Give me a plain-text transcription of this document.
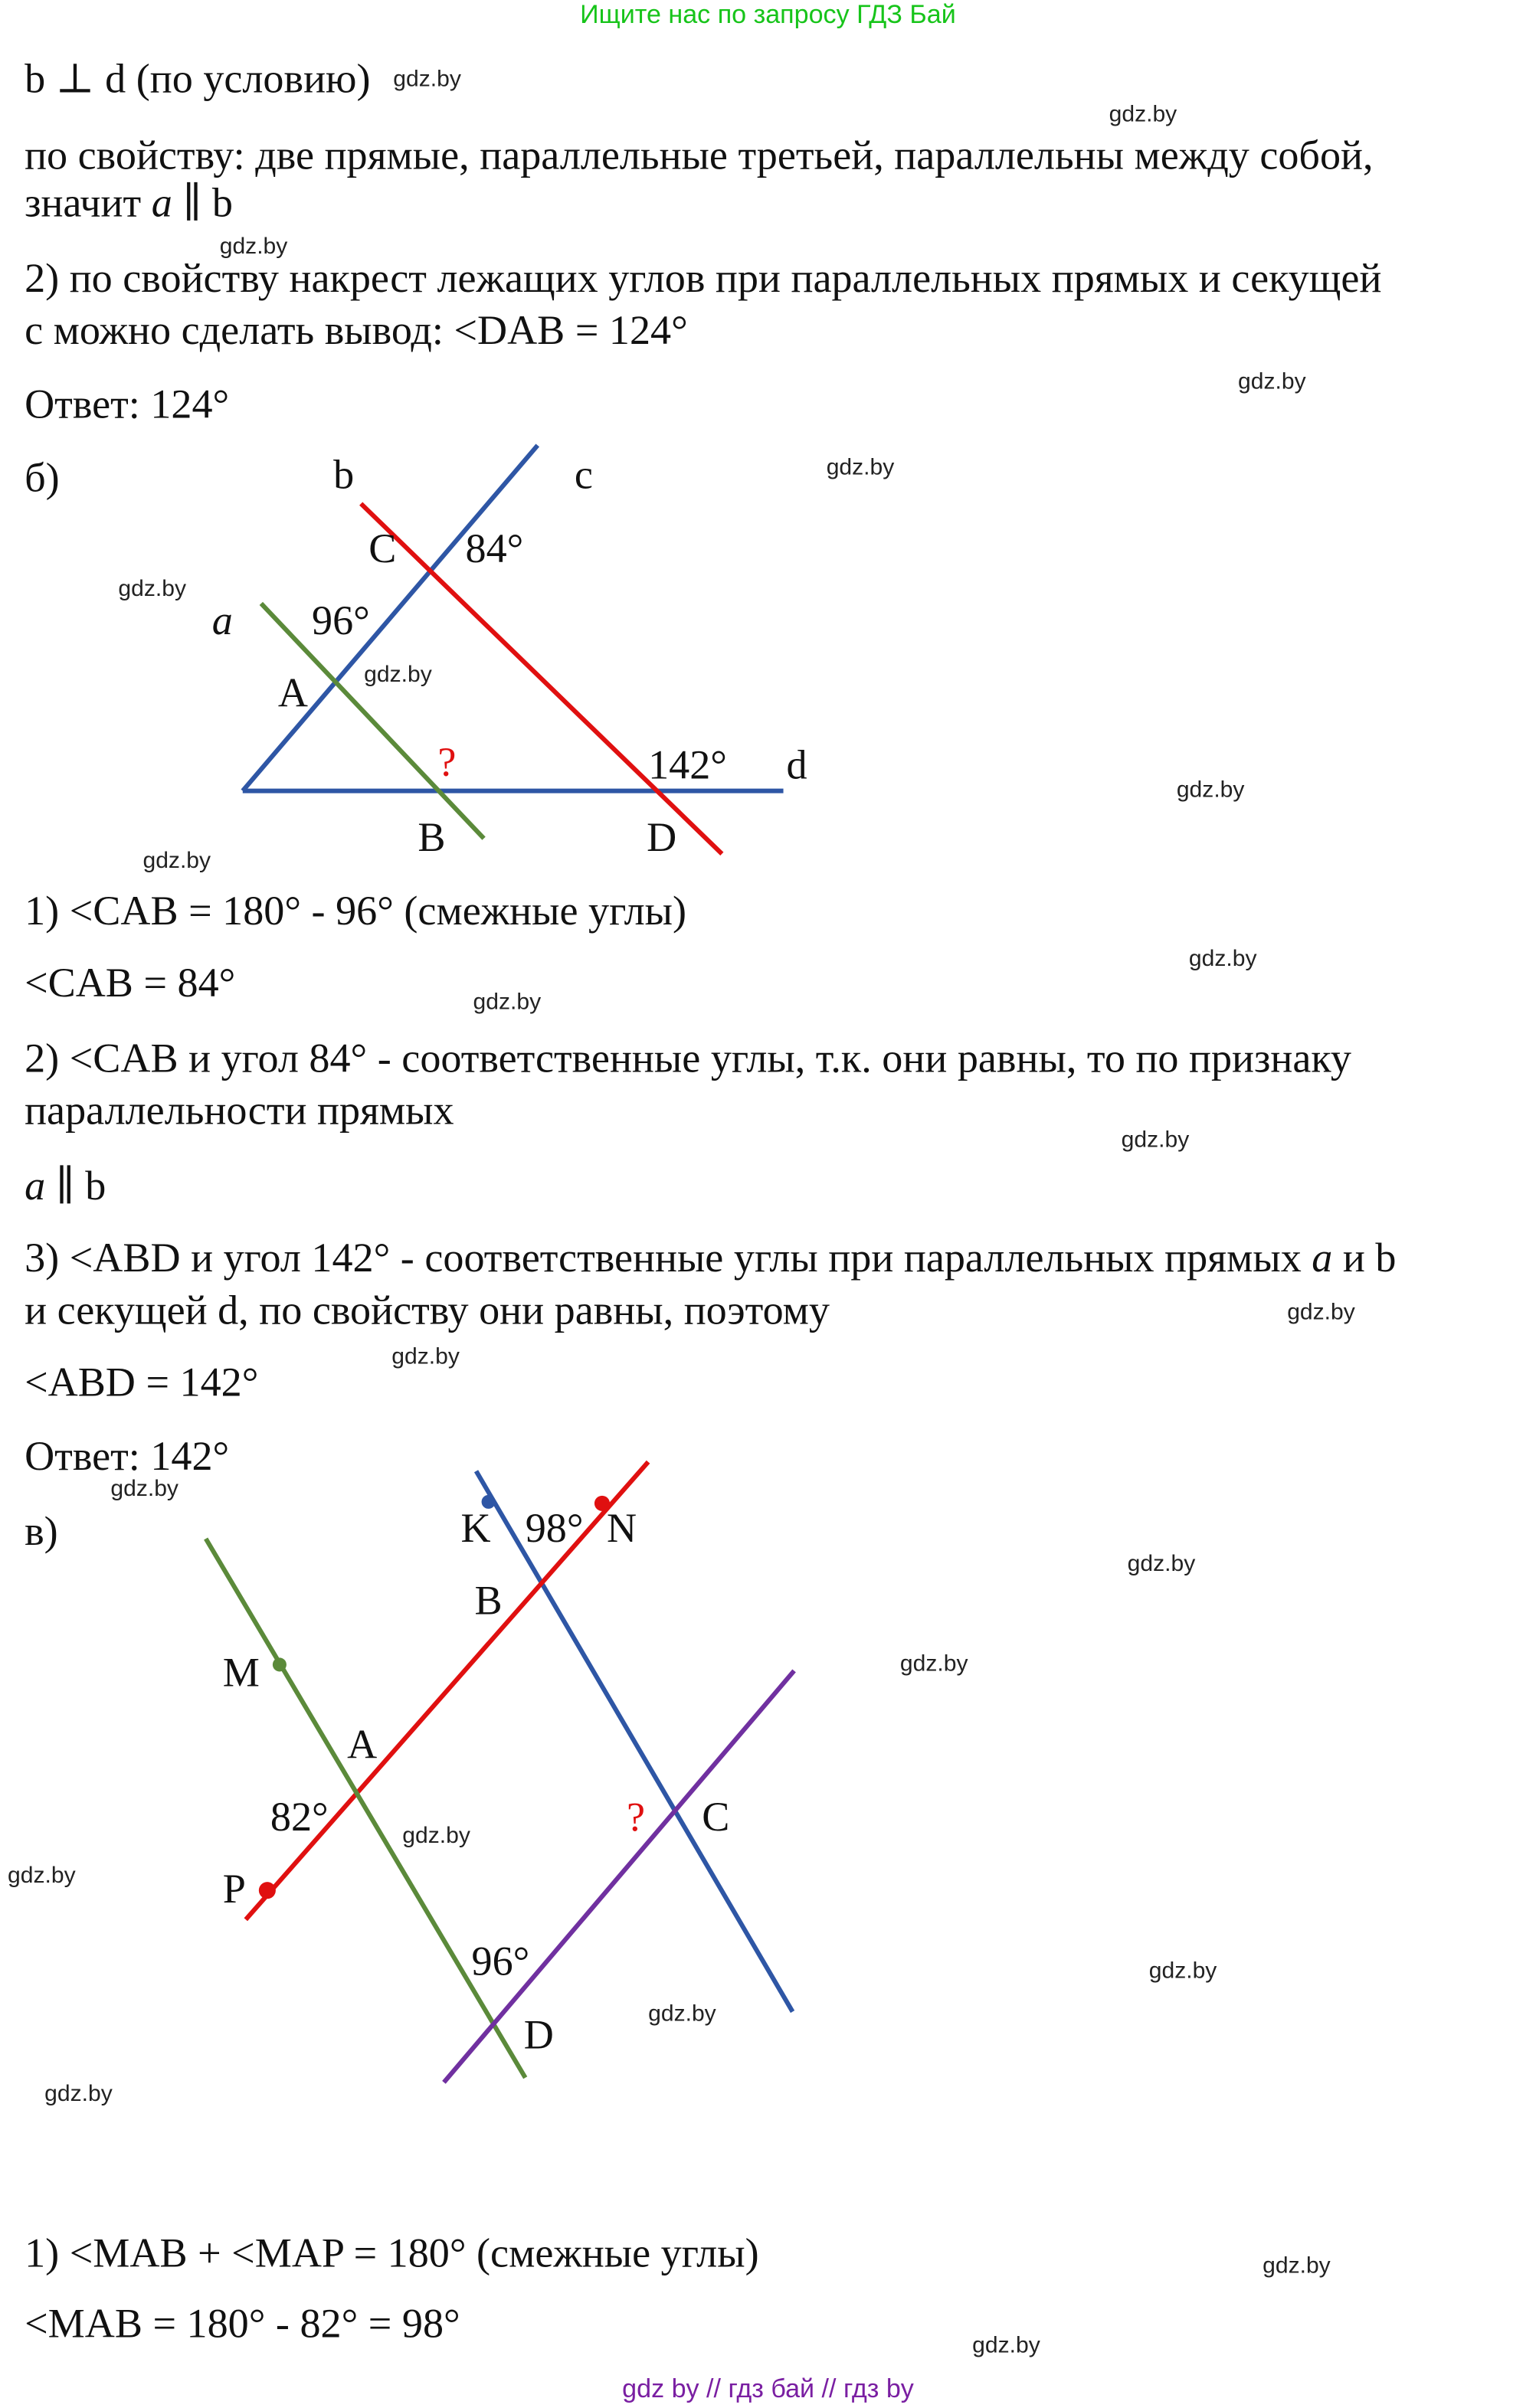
Ищите нас по запросу ГДЗ Бай
b ⊥ d (по условию)
по свойству: две прямые, параллельные третьей, параллельны между собой,
значит a ∥ b
2) по свойству накрест лежащих углов при параллельных прямых и секущей
c можно сделать вывод: <DAB = 124°
Ответ: 124°
б)	b	c
C	84°
a	96°
A
?	142°	d
B	D
1) <CAB = 180° - 96° (смежные углы)
<CAB = 84°
2) <CAB и угол 84° - соответственные углы, т.к. они равны, то по признаку
параллельности прямых
a ∥ b
3) <ABD и угол 142° - соответственные углы при параллельных прямых a и b
и секущей d, по свойству они равны, поэтому
<ABD = 142°
Ответ: 142°
в)	K 98° N
B
M
A
82°	?	C
P
96°
D
1) <MAB + <MAP = 180° (смежные углы)
<MAB = 180° - 82° = 98°
gdz.by
gdz.by
gdz.by
gdz.by
gdz.by
gdz.by
gdz.by
gdz.by
gdz.by
gdz.by
gdz.by
gdz.by
gdz.by
gdz.by
gdz.by
gdz.by
gdz.by
gdz.by
gdz.by
gdz.by
gdz.by
gdz.by
gdz.by
gdz.by
gdz by // гдз бай // гдз by
